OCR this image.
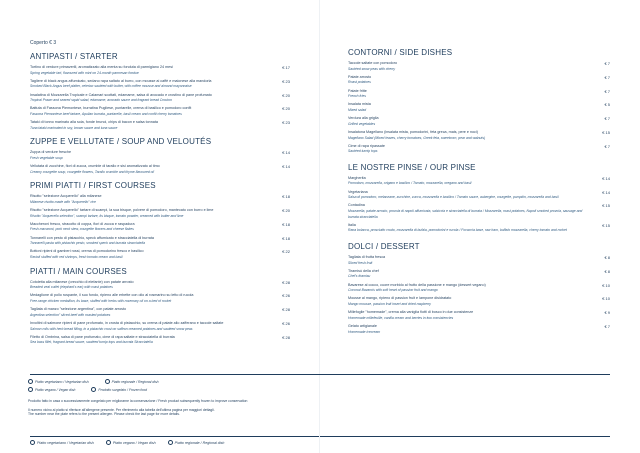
Coperto € 3
ANTIPASTI / STARTER
Tortino di verdure primaverili, aromatizzato alla menta su fonduta di parmigiano 24 mesi
Spring vegetable tart, flavoured with mint on 24-month parmesan fondue
€ 17
Tagliere di black angus affumicato, sedano rapa saltato al burro, con mousse ai caffè e maionese alla mandorla
Smoked Black Angus beef platter, celeriac sautéed with butter, with coffee mousse and almond mayonnaise
€ 23
Insalatina di Mozzarella Tropicale e Calamari scottati, edamame, salsa di avocado e crostino di pane profumato
Tropical Prawn and seared squid salad, edamame, avocado sauce and fragrant bread Crouton
€ 20
Battuta di Fassona Piemontese, burratina Pugliese, puntarelle, crema di basilico e pomodoro confit
Fassona Piemontese beef tartare, Apulian burrata, puntarelle, basil cream and confit cherry tomatoes
€ 20
Tataki di tonno marinato alla soia, fonde brunoi, chips di bacon e salsa tonnata
Tuna tataki marinated in soy, brown sauce and tuna sauce
€ 23
ZUPPE E VELLUTATE / SOUP AND VELOUTÉS
Zuppa di verdure fresche
Fresh vegetable soup
€ 14
Vellutata di zucchine, fiori di zucca, crumble di tarallo e sisi aromatizzato al timo
Creamy courgette soup, courgette flowers, Tarallo crumble and thyme-flavoured oil
€ 14
PRIMI PIATTI / FIRST COURSES
Risotto "selezione Acquerello" alla milanese
Milanese risotto made with "Acquerello" rice
€ 18
Risotto "selezione Acquerello" tartare di scampi, la sua bisque, polvere di pomodoro, mantecato con burro e lime
Risotto "Acquerello selection", scampi tartare, its bisque, tomato powder, creamed with butter and lime
€ 20
Maccheroni fresco, stracotto di coppa, fiori di zucca e raspadura
Fresh macaroni, pork neck stew, courgette flowers and cheese flakes
€ 18
Tonnarelli con pesto di pistacchio, speck affumicato e stracciatella di burrata
Tonnarelli pasta with pistachio pesto, smoked speck and burrata stracciatella
€ 18
Bottoni ripieni di gamberi rossi, crema di pomodorino fresco e basilico
Ravioli stuffed with red shrimps, fresh tomato cream and basil
€ 22
PIATTI / MAIN COURSES
Cotoletta alla milanese (orecchio di elefante) con patate arrosto
Breaded veal cutlet (elephant's ear) with roast potatoes
€ 28
Medaglione di pollo ruspante, il suo fondo, ripieno alle erbette con olio al rosmarino su letto di rucola
Free-range chicken medallion, its base, stuffed with herbs with rosemary oil on a bed of rocket
€ 26
Tagliata di manzo "selezione argentina", con patate arrosto
Argentina selection" sliced beef with roasted potatoes
€ 28
Involtini di salmone ripieni di pane profumato, in crosta di pistacchio, su crema di patate allo zafferano e taccole saltate
Salmon rolls with herb bread filling, in a pistachio crust on saffron creamed potatoes and sautéed snow peas
€ 26
Filetto di Ombrina, salsa di pane profumato, cime di rapa saltate e stracciatella di burrata
Sea bass fillet, fragrant bread sauce, sautéed turnip tops and burrata Stracciatella
€ 28
Piatto vegetariano / Vegetarian dish	Piatto vegano / Vegan dish	Piatto regionale / Regional dish
CONTORNI / SIDE DISHES
Taccole saltate con pomodoro
Sautéed snow peas with cherry
€ 7
Patate arrosto
Roast potatoes
€ 7
Patate fritte
French fries
€ 7
Insalata mista
Mixed salad
€ 5
Verdura alla griglia
Grilled vegetables
€ 7
Insalatona Magellano (insalata mista, pomodorini, feta greca, mais, pere e noci)
Magellano Salad (Mixed leaves, cherry tomatoes, Greek feta, sweetcorn, pear and walnuts)
€ 15
Cime di rapa ripassate
Sautéed turnip tops
€ 7
LE NOSTRE PINSE / OUR PINSE
Margherita
Pomodoro, mozzarella, origano e basilico / Tomato, mozzarella, oregano and basil
€ 14
Vegetariana
Salsa di pomodoro, melanzane, zucchine, zucca, mozzarella e basilico / Tomato sauce, aubergine, courgette, pumpkin, mozzarella and basil
€ 14
Contadina
Mozzarella, patate arrosto, provola di napoli affumicata, salsiccia e stracciatella di burrata / Mozzarella, roast potatoes, Napoli smoked provola, sausage and burrata stracciatella
€ 15
Italia
Rana bolacca, prosciutto crudo, mozzarella di bufala, pomodorini e rucola / Focaccia base, raw ham, buffalo mozzarella, cherry tomato and rocket
€ 15
DOLCI / DESSERT
Tagliata di frutta fresca
Sliced fresh fruit
€ 8
Tiramisù della chef
Chef's tiramisu
€ 8
Bavarese al cocco, cuore morbido al frutto della passione e mango (dessert vegano)
Coconut Bavarois with soft heart of passion fruit and mango
€ 10
Mousse al mango, ripieno di passion fruit e lampone disidratato
Mango mousse, passion fruit insert and dried raspberry
€ 10
Millefoglie "homemade", crema alla vaniglia fiotti di bosco in due consistenze
Homemade millefeuille, vanilla cream and berries in two consistencies
€ 9
Gelato artigianale
Homemade icecream
€ 7
Piatto vegetariano / Vegetarian dish	Piatto regionale / Regional dish
Piatto vegano / Vegan dish	Prodotto surgelato / Frozen food
Prodotto fatto in casa o successivamente congelato per migliorarne la conservazione / Fresh product subsequently frozen to improve conservation
Il numero vicino al piatto si riferisce all'allergene presente. Per riferimento alla tabella dell'ultima pagina per maggiori dettagli.
The number near the plate refers to the present allergen. Please check the last page for more details.
